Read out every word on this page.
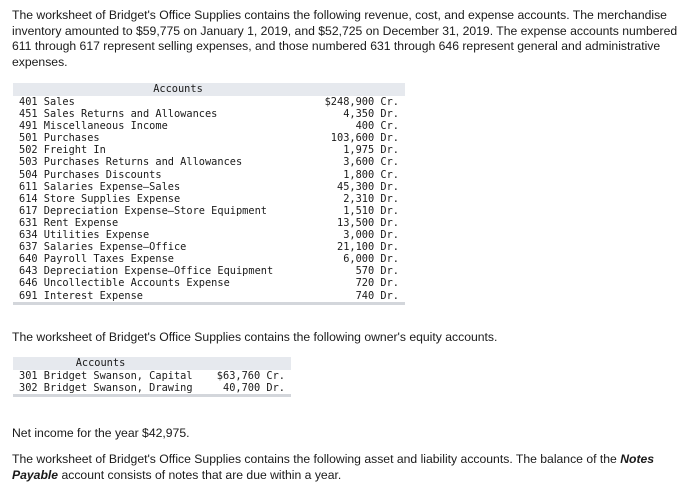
The worksheet of Bridget's Office Supplies contains the following revenue, cost, and expense accounts. The merchandise inventory amounted to $59,775 on January 1, 2019, and $52,725 on December 31, 2019. The expense accounts numbered 611 through 617 represent selling expenses, and those numbered 631 through 646 represent general and administrative expenses.

Accounts
401 Sales	$248,900 Cr.
451 Sales Returns and Allowances	4,350 Dr.
491 Miscellaneous Income	400 Cr.
501 Purchases	103,600 Dr.
502 Freight In	1,975 Dr.
503 Purchases Returns and Allowances	3,600 Cr.
504 Purchases Discounts	1,800 Cr.
611 Salaries Expense—Sales	45,300 Dr.
614 Store Supplies Expense	2,310 Dr.
617 Depreciation Expense—Store Equipment	1,510 Dr.
631 Rent Expense	13,500 Dr.
634 Utilities Expense	3,000 Dr.
637 Salaries Expense—Office	21,100 Dr.
640 Payroll Taxes Expense	6,000 Dr.
643 Depreciation Expense—Office Equipment	570 Dr.
646 Uncollectible Accounts Expense	720 Dr.
691 Interest Expense	740 Dr.

The worksheet of Bridget's Office Supplies contains the following owner's equity accounts.

Accounts
301 Bridget Swanson, Capital	$63,760 Cr.
302 Bridget Swanson, Drawing	40,700 Dr.

Net income for the year $42,975.

The worksheet of Bridget's Office Supplies contains the following asset and liability accounts. The balance of the Notes Payable account consists of notes that are due within a year.
